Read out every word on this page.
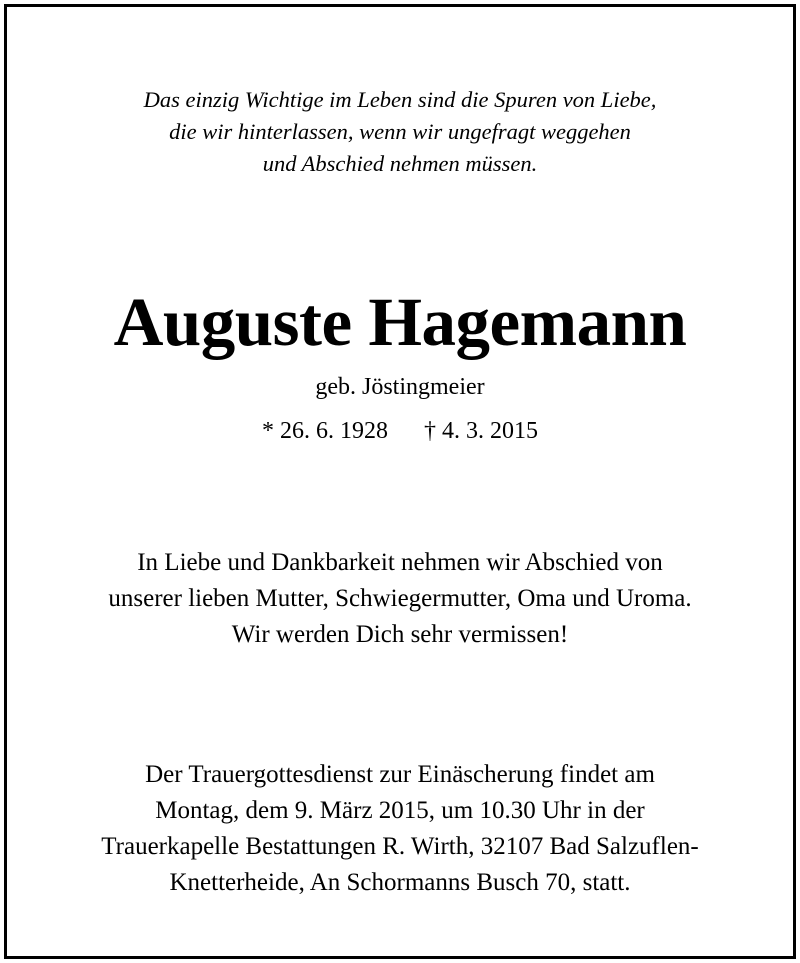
Das einzig Wichtige im Leben sind die Spuren von Liebe,
die wir hinterlassen, wenn wir ungefragt weggehen
und Abschied nehmen müssen.
Auguste Hagemann
geb. Jöstingmeier
* 26. 6. 1928 † 4. 3. 2015
In Liebe und Dankbarkeit nehmen wir Abschied von
unserer lieben Mutter, Schwiegermutter, Oma und Uroma.
Wir werden Dich sehr vermissen!
Der Trauergottesdienst zur Einäscherung findet am
Montag, dem 9. März 2015, um 10.30 Uhr in der
Trauerkapelle Bestattungen R. Wirth, 32107 Bad Salzuflen-
Knetterheide, An Schormanns Busch 70, statt.
